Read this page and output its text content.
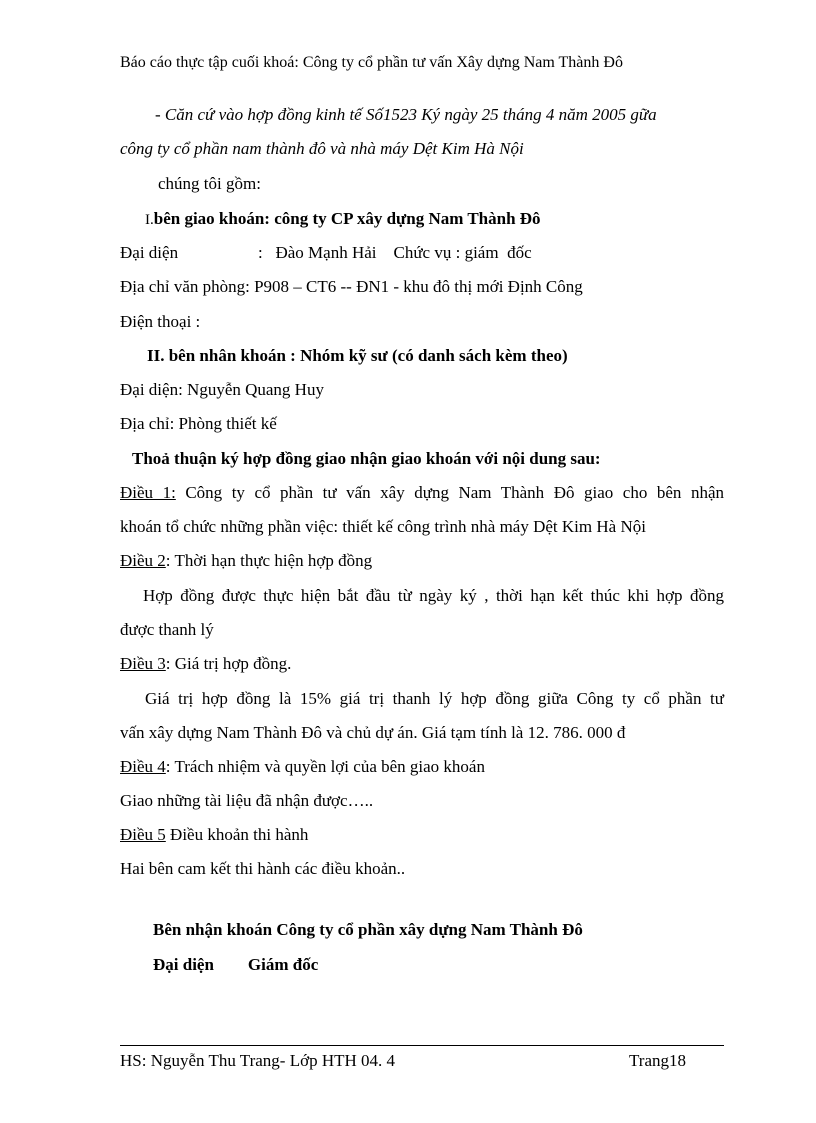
Báo cáo thực tập cuối khoá: Công ty cổ phần tư vấn Xây dựng Nam Thành Đô
- Căn cứ vào hợp đồng kinh tế Số1523 Ký ngày 25 tháng 4 năm 2005 gữa
công ty cổ phần nam thành đô và nhà máy Dệt Kim Hà Nội
chúng tôi gồm:
I.bên giao khoán: công ty CP xây dựng Nam Thành Đô
Đại diện	:   Đào Mạnh Hải    Chức vụ : giám  đốc
Địa chỉ văn phòng: P908 – CT6 -- ĐN1 - khu đô thị mới Định Công
Điện thoại :
II. bên nhân khoán : Nhóm kỹ sư (có danh sách kèm theo)
Đại diện: Nguyễn Quang Huy
Địa chỉ: Phòng thiết kế
Thoả thuận ký hợp đồng giao nhận giao khoán với nội dung sau:
Điều 1: Công ty cổ phần tư vấn xây dựng Nam Thành Đô giao cho bên nhận
khoán tổ chức những phần việc: thiết kế công trình nhà máy Dệt Kim Hà Nội
Điều 2: Thời hạn thực hiện hợp đồng
Hợp đồng được thực hiện bắt đầu từ ngày ký , thời hạn kết thúc khi hợp đồng
được thanh lý
Điều 3: Giá trị hợp đồng.
Giá trị hợp đồng là 15% giá trị thanh lý hợp đồng giữa Công ty cổ phần tư
vấn xây dựng Nam Thành Đô và chủ dự án. Giá tạm tính là 12. 786. 000 đ
Điều 4: Trách nhiệm và quyền lợi của bên giao khoán
Giao những tài liệu đã nhận được…..
Điều 5 Điều khoản thi hành
Hai bên cam kết thi hành các điều khoản..
Bên nhận khoán Công ty cổ phần xây dựng Nam Thành Đô
Đại diện        Giám đốc
HS: Nguyễn Thu Trang- Lớp HTH 04. 4	Trang18
